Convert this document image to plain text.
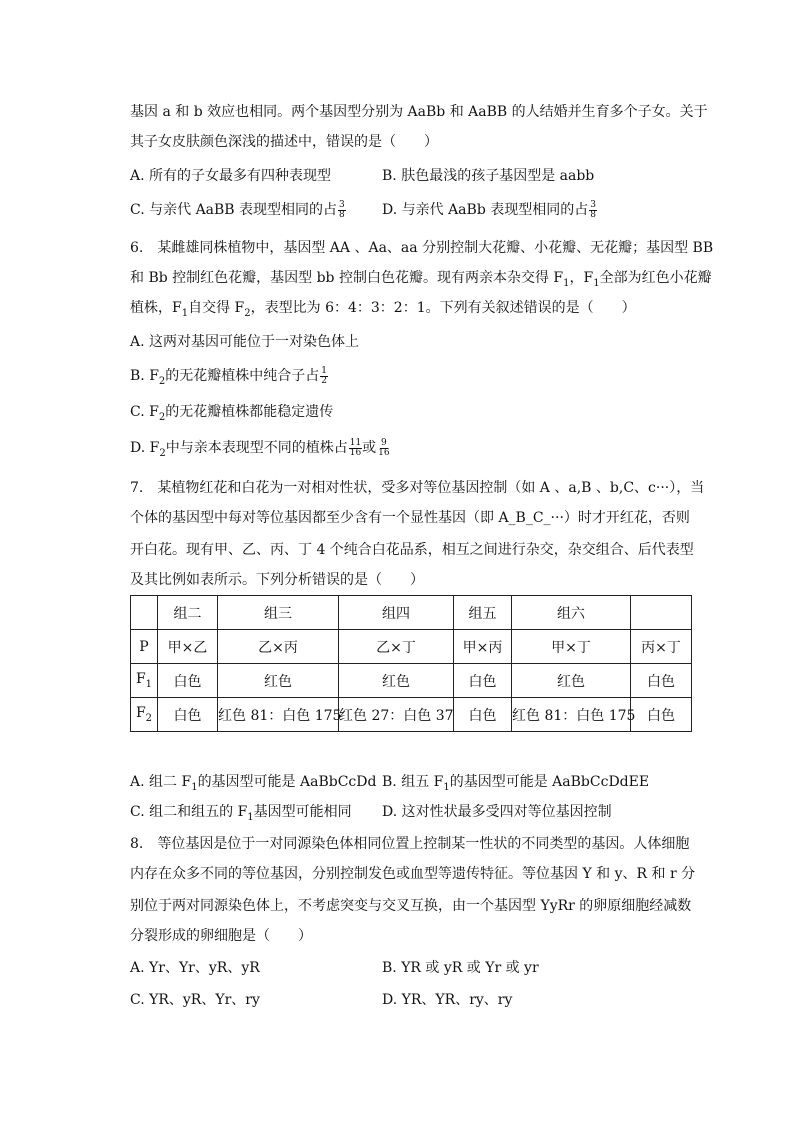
基因 a 和 b 效应也相同。两个基因型分别为 AaBb 和 AaBB 的人结婚并生育多个子女。关于
其子女皮肤颜色深浅的描述中，错误的是（　　）
A. 所有的子女最多有四种表现型	B. 肤色最浅的孩子基因型是 aabb
C. 与亲代 AaBB 表现型相同的占 $\frac{3}{8}$	D. 与亲代 AaBb 表现型相同的占 $\frac{3}{8}$
6.　某雌雄同株植物中，基因型 AA 、Aa、aa 分别控制大花瓣、小花瓣、无花瓣；基因型 BB
和 Bb 控制红色花瓣，基因型 bb 控制白色花瓣。现有两亲本杂交得 $F_1$，$F_1$全部为红色小花瓣
植株，$F_1$自交得 $F_2$，表型比为 6：4：3：2：1。下列有关叙述错误的是（　　）
A. 这两对基因可能位于一对染色体上
B. $F_2$的无花瓣植株中纯合子占 $\frac{1}{2}$
C. $F_2$的无花瓣植株都能稳定遗传
D. $F_2$中与亲本表现型不同的植株占 $\frac{11}{16}$ 或 $\frac{9}{16}$
7.　某植物红花和白花为一对相对性状，受多对等位基因控制（如 A 、a,B 、b,C、c···），当
个体的基因型中每对等位基因都至少含有一个显性基因（即 A_B_C_···）时才开红花，否则
开白花。现有甲、乙、丙、丁 4 个纯合白花品系，相互之间进行杂交，杂交组合、后代表型
及其比例如表所示。下列分析错误的是（　　）
	组二	组三	组四	组五	组六	
P	甲×乙	乙×丙	乙×丁	甲×丙	甲×丁	丙×丁
$F_1$	白色	红色	红色	白色	红色	白色
$F_2$	白色	红色 81：白色 175	红色 27：白色 37	白色	红色 81：白色 175	白色
A. 组二 $F_1$的基因型可能是 AaBbCcDd B. 组五 $F_1$的基因型可能是 AaBbCcDdEE
C. 组二和组五的 $F_1$基因型可能相同 D. 这对性状最多受四对等位基因控制
8.　等位基因是位于一对同源染色体相同位置上控制某一性状的不同类型的基因。人体细胞
内存在众多不同的等位基因，分别控制发色或血型等遗传特征。等位基因 Y 和 y、R 和 r 分
别位于两对同源染色体上，不考虑突变与交叉互换，由一个基因型 YyRr 的卵原细胞经减数
分裂形成的卵细胞是（　　）
A. Yr、Yr、yR、yR	B. YR 或 yR 或 Yr 或 yr
C. YR、yR、Yr、ry	D. YR、YR、ry、ry
